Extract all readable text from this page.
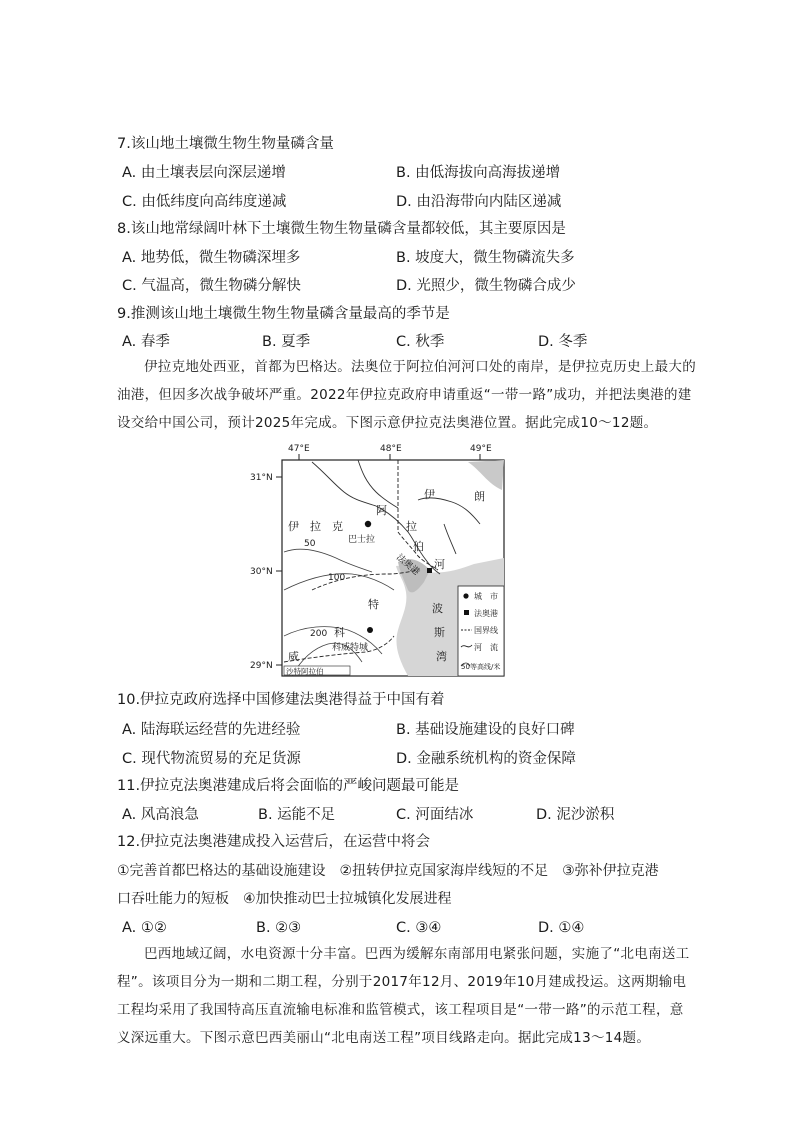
7.该山地土壤微生物生物量磷含量
A. 由土壤表层向深层递增	B. 由低海拔向高海拔递增
C. 由低纬度向高纬度递减	D. 由沿海带向内陆区递减
8.该山地常绿阔叶林下土壤微生物生物量磷含量都较低，其主要原因是
A. 地势低，微生物磷深埋多	B. 坡度大，微生物磷流失多
C. 气温高，微生物磷分解快	D. 光照少，微生物磷合成少
9.推测该山地土壤微生物生物量磷含量最高的季节是
A. 春季	B. 夏季	C. 秋季	D. 冬季
伊拉克地处西亚，首都为巴格达。法奥位于阿拉伯河河口处的南岸，是伊拉克历史上最大的油港，但因多次战争破坏严重。2022年伊拉克政府申请重返“一带一路”成功，并把法奥港的建设交给中国公司，预计2025年完成。下图示意伊拉克法奥港位置。据此完成10～12题。
47°E	48°E	49°E
31°N
30°N
29°N
伊	朗
伊 拉 克
巴士拉
阿
拉
伯
河
法奥港
50
100
200 科
威
特
科威特城
波
斯
湾
沙特阿拉伯
城　市
法奥港
国界线
河　流
50 等高线/米
10.伊拉克政府选择中国修建法奥港得益于中国有着
A. 陆海联运经营的先进经验	B. 基础设施建设的良好口碑
C. 现代物流贸易的充足货源	D. 金融系统机构的资金保障
11.伊拉克法奥港建成后将会面临的严峻问题最可能是
A. 风高浪急	B. 运能不足	C. 河面结冰	D. 泥沙淤积
12.伊拉克法奥港建成投入运营后，在运营中将会
①完善首都巴格达的基础设施建设　②扭转伊拉克国家海岸线短的不足　③弥补伊拉克港
口吞吐能力的短板　④加快推动巴士拉城镇化发展进程
A. ①②	B. ②③	C. ③④	D. ①④
巴西地域辽阔，水电资源十分丰富。巴西为缓解东南部用电紧张问题，实施了“北电南送工程”。该项目分为一期和二期工程，分别于2017年12月、2019年10月建成投运。这两期输电工程均采用了我国特高压直流输电标准和监管模式，该工程项目是“一带一路”的示范工程，意义深远重大。下图示意巴西美丽山“北电南送工程”项目线路走向。据此完成13～14题。
